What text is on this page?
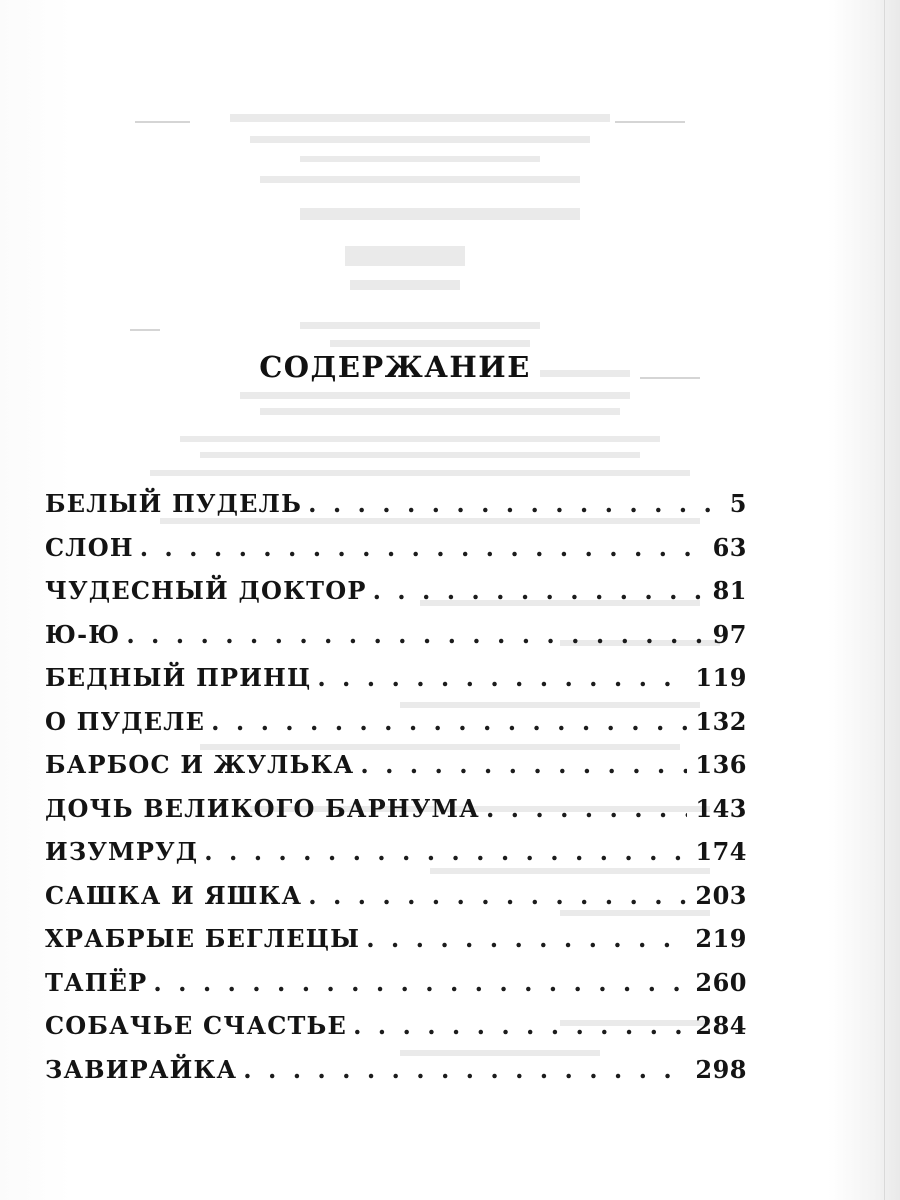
СОДЕРЖАНИЕ
БЕЛЫЙ ПУДЕЛЬ . . .	5
СЛОН . . .	63
ЧУДЕСНЫЙ ДОКТОР . . .	81
Ю-Ю . . .	97
БЕДНЫЙ ПРИНЦ . . .	119
О ПУДЕЛЕ . . .	132
БАРБОС И ЖУЛЬКА . . .	136
ДОЧЬ ВЕЛИКОГО БАРНУМА . . .	143
ИЗУМРУД . . .	174
САШКА И ЯШКА . . .	203
ХРАБРЫЕ БЕГЛЕЦЫ . . .	219
ТАПЁР . . .	260
СОБАЧЬЕ СЧАСТЬЕ . . .	284
ЗАВИРАЙКА . . .	298
